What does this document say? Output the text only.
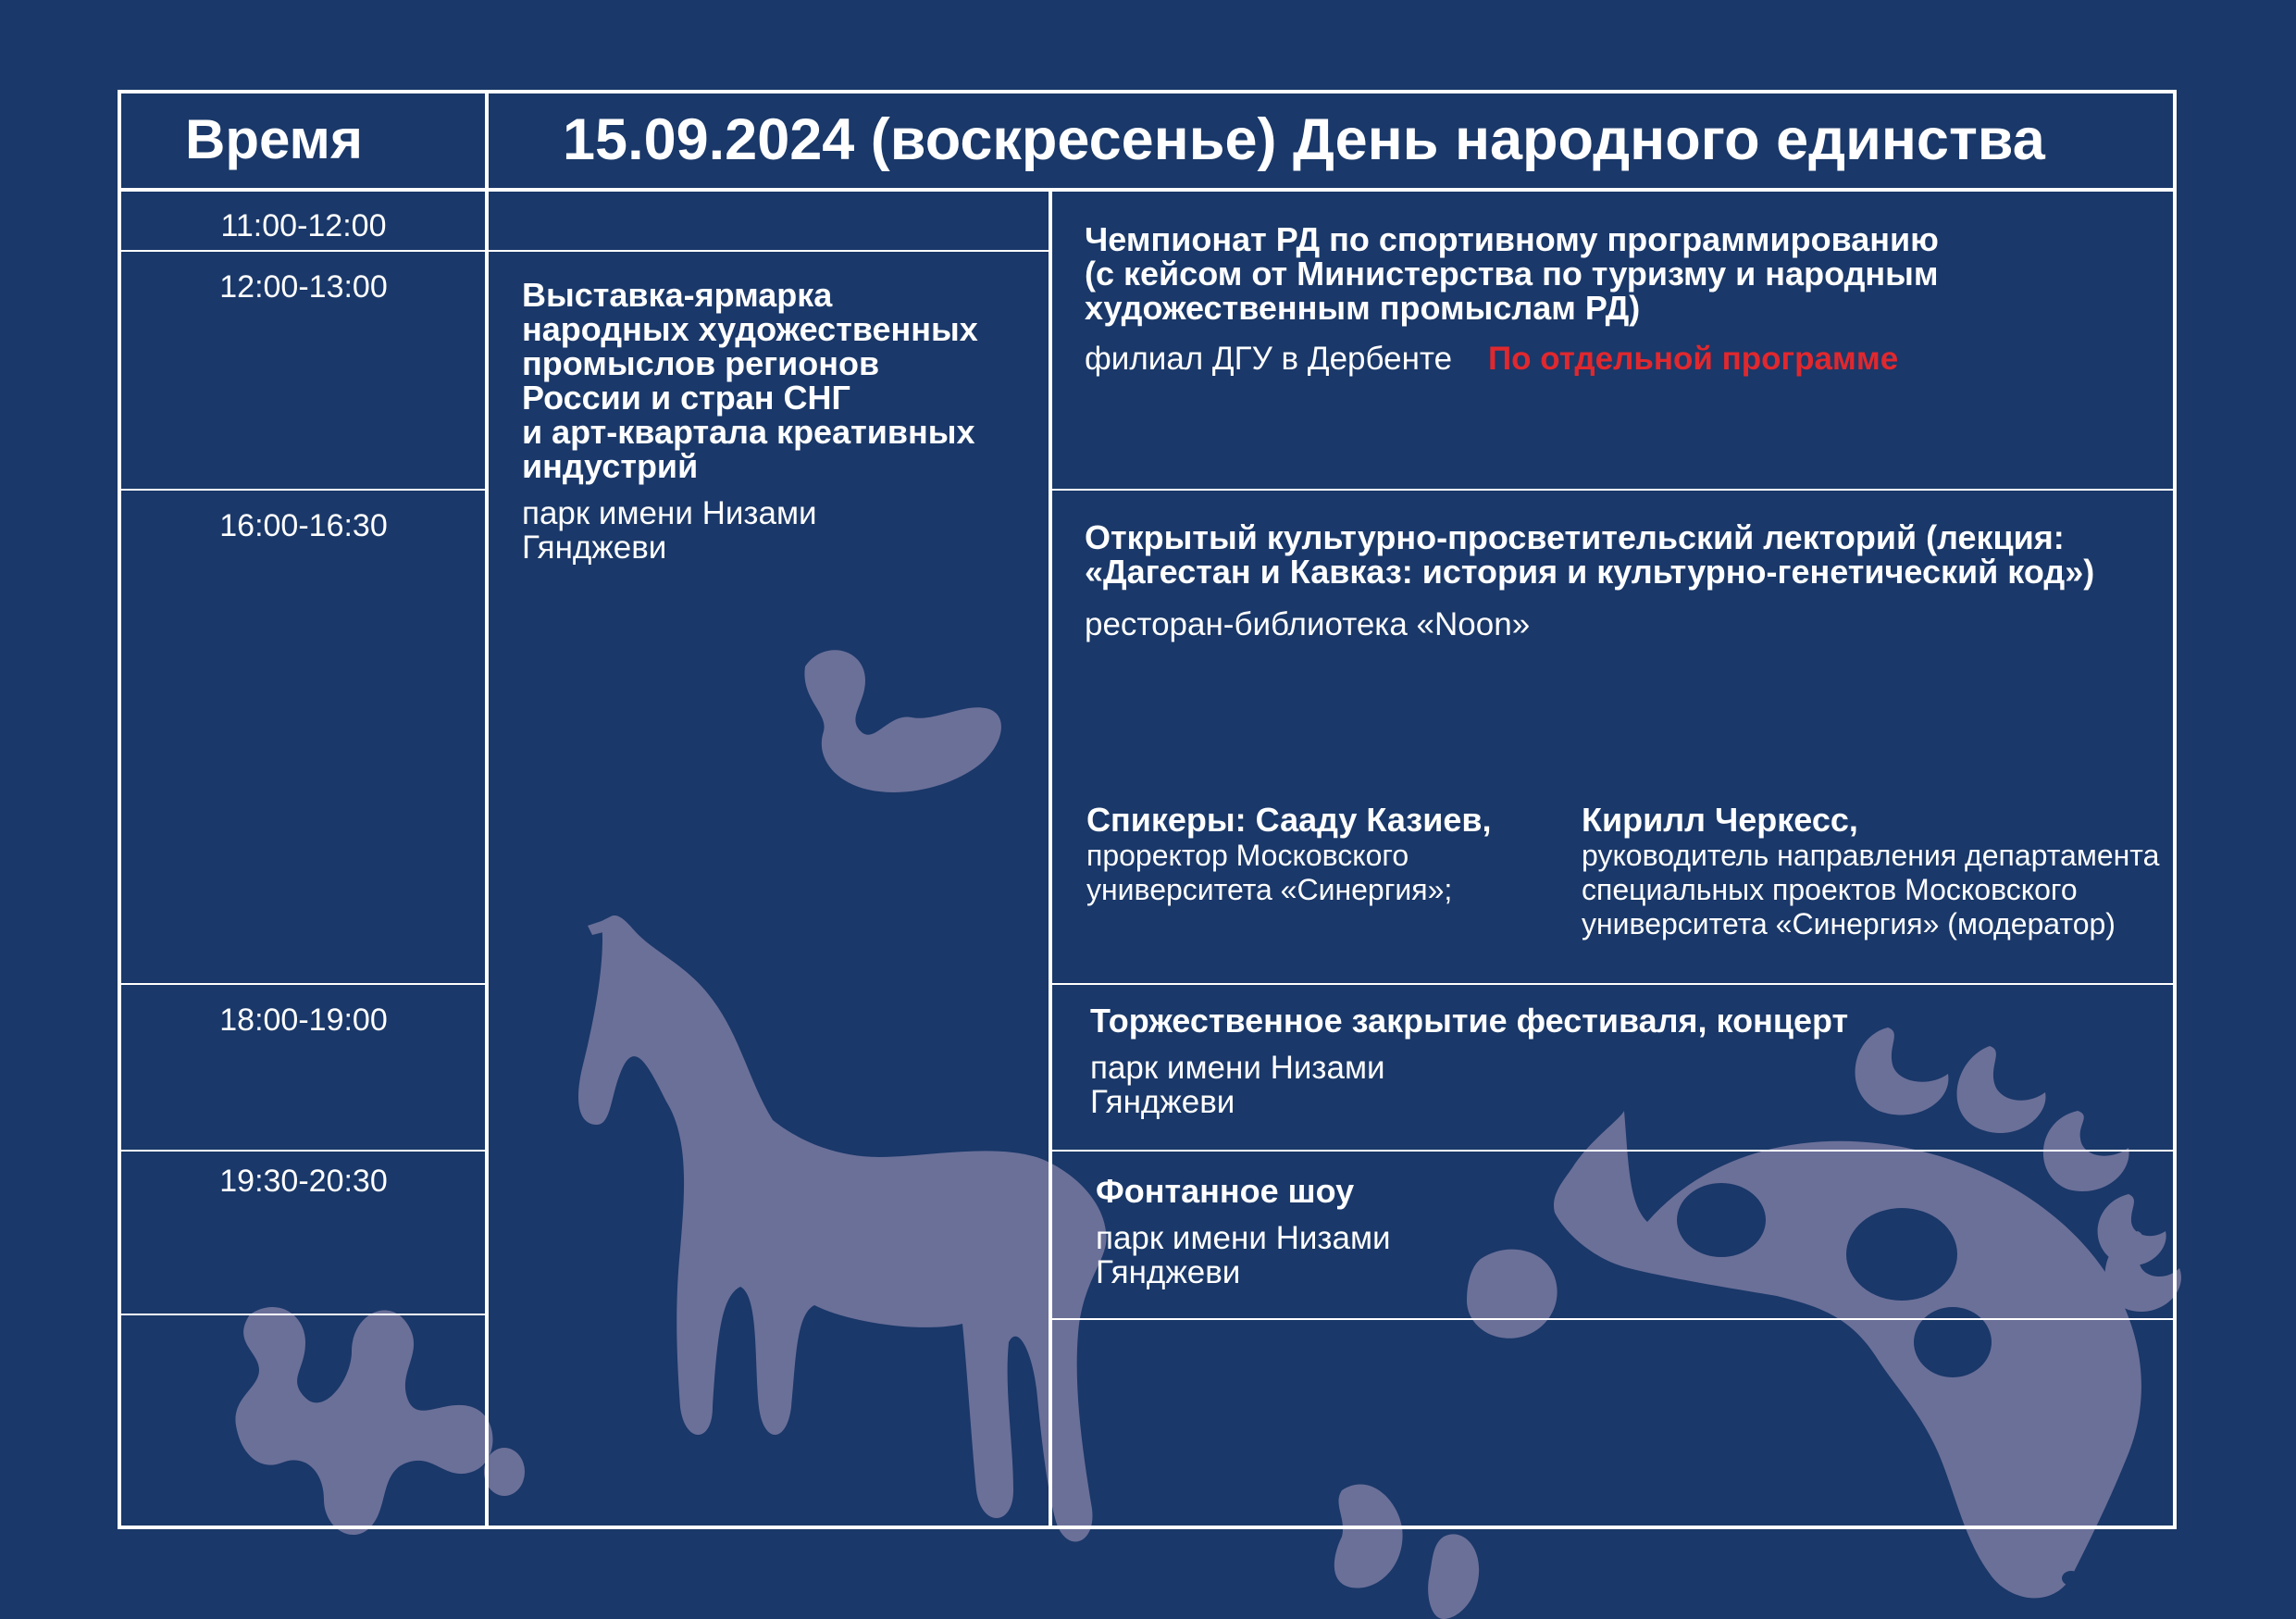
Время	15.09.2024 (воскресенье) День народного единства
11:00-12:00
12:00-13:00
16:00-16:30
18:00-19:00
19:30-20:30
Выставка-ярмарка
народных художественных
промыслов регионов
России и стран СНГ
и арт-квартала креативных
индустрий
парк имени Низами
Гянджеви
Чемпионат РД по спортивному программированию
(с кейсом от Министерства по туризму и народным
художественным промыслам РД)
филиал ДГУ в Дербенте По отдельной программе
Открытый культурно-просветительский лекторий (лекция:
«Дагестан и Кавказ: история и культурно-генетический код»)
ресторан-библиотека «Noon»
Спикеры: Сааду Казиев,
проректор Московского
университета «Синергия»;
Кирилл Черкесс,
руководитель направления департамента
специальных проектов Московского
университета «Синергия» (модератор)
Торжественное закрытие фестиваля, концерт
парк имени Низами
Гянджеви
Фонтанное шоу
парк имени Низами
Гянджеви
